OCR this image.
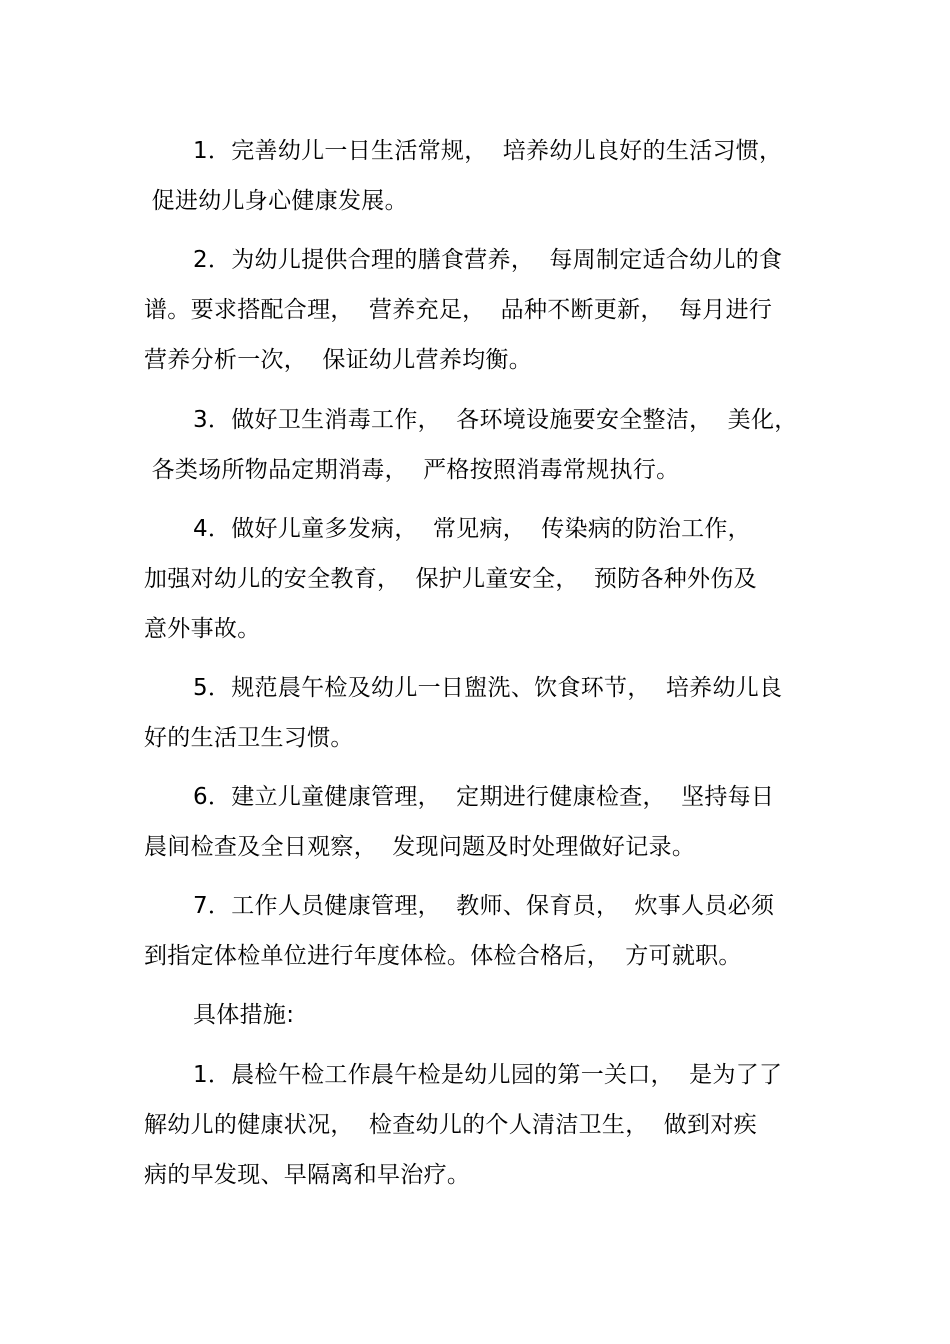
1．完善幼儿一日生活常规，  培养幼儿良好的生活习惯，
促进幼儿身心健康发展。
2．为幼儿提供合理的膳食营养，  每周制定适合幼儿的食
谱。要求搭配合理，  营养充足，  品种不断更新，  每月进行
营养分析一次，  保证幼儿营养均衡。
3．做好卫生消毒工作，  各环境设施要安全整洁，  美化，
各类场所物品定期消毒，  严格按照消毒常规执行。
4．做好儿童多发病，  常见病，  传染病的防治工作，
加强对幼儿的安全教育，  保护儿童安全，  预防各种外伤及
意外事故。
5．规范晨午检及幼儿一日盥洗、饮食环节，  培养幼儿良
好的生活卫生习惯。
6．建立儿童健康管理，  定期进行健康检查，  坚持每日
晨间检查及全日观察，  发现问题及时处理做好记录。
7．工作人员健康管理，  教师、保育员，  炊事人员必须
到指定体检单位进行年度体检。体检合格后，  方可就职。
具体措施:
1．晨检午检工作晨午检是幼儿园的第一关口，  是为了了
解幼儿的健康状况，  检查幼儿的个人清洁卫生，  做到对疾
病的早发现、早隔离和早治疗。
